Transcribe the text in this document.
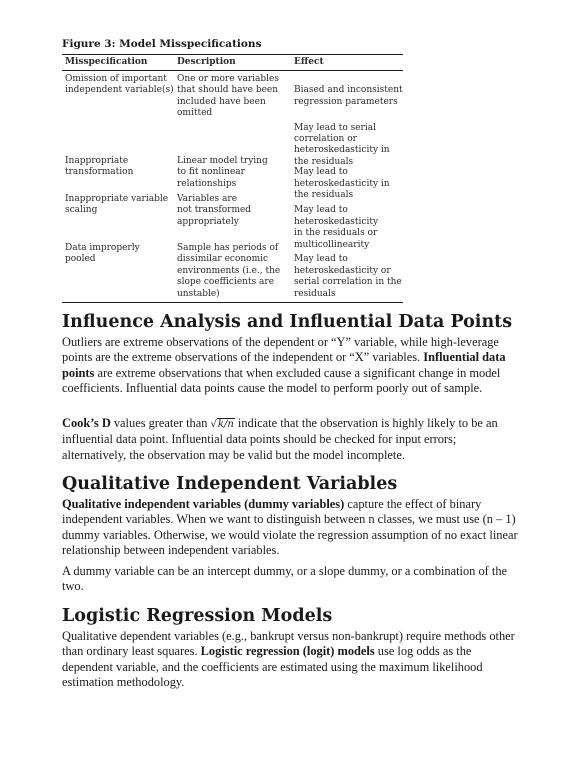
Figure 3: Model Misspecifications
Misspecification	Description	Effect
Omission of important
independent variable(s)
One or more variables
that should have been
included have been
omitted

Biased and inconsistent
regression parameters

May lead to serial
correlation or
heteroskedasticity in
the residuals

Inappropriate
transformation
Linear model trying
to fit nonlinear
relationships

May lead to
heteroskedasticity in
the residuals

Inappropriate variable
scaling
Variables are
not transformed
appropriately

May lead to
heteroskedasticity
in the residuals or
multicollinearity

Data improperly
pooled
Sample has periods of
dissimilar economic
environments (i.e., the
slope coefficients are
unstable)

May lead to
heteroskedasticity or
serial correlation in the
residuals

Influence Analysis and Influential Data Points

Outliers are extreme observations of the dependent or “Y” variable, while high-leverage points are the extreme observations of the independent or “X” variables. Influential data points are extreme observations that when excluded cause a significant change in model coefficients. Influential data points cause the model to perform poorly out of sample.

Cook’s D values greater than √k/n indicate that the observation is highly likely to be an influential data point. Influential data points should be checked for input errors; alternatively, the observation may be valid but the model incomplete.

Qualitative Independent Variables

Qualitative independent variables (dummy variables) capture the effect of binary independent variables. When we want to distinguish between n classes, we must use (n – 1) dummy variables. Otherwise, we would violate the regression assumption of no exact linear relationship between independent variables.

A dummy variable can be an intercept dummy, or a slope dummy, or a combination of the two.

Logistic Regression Models

Qualitative dependent variables (e.g., bankrupt versus non-bankrupt) require methods other than ordinary least squares. Logistic regression (logit) models use log odds as the dependent variable, and the coefficients are estimated using the maximum likelihood estimation methodology.
